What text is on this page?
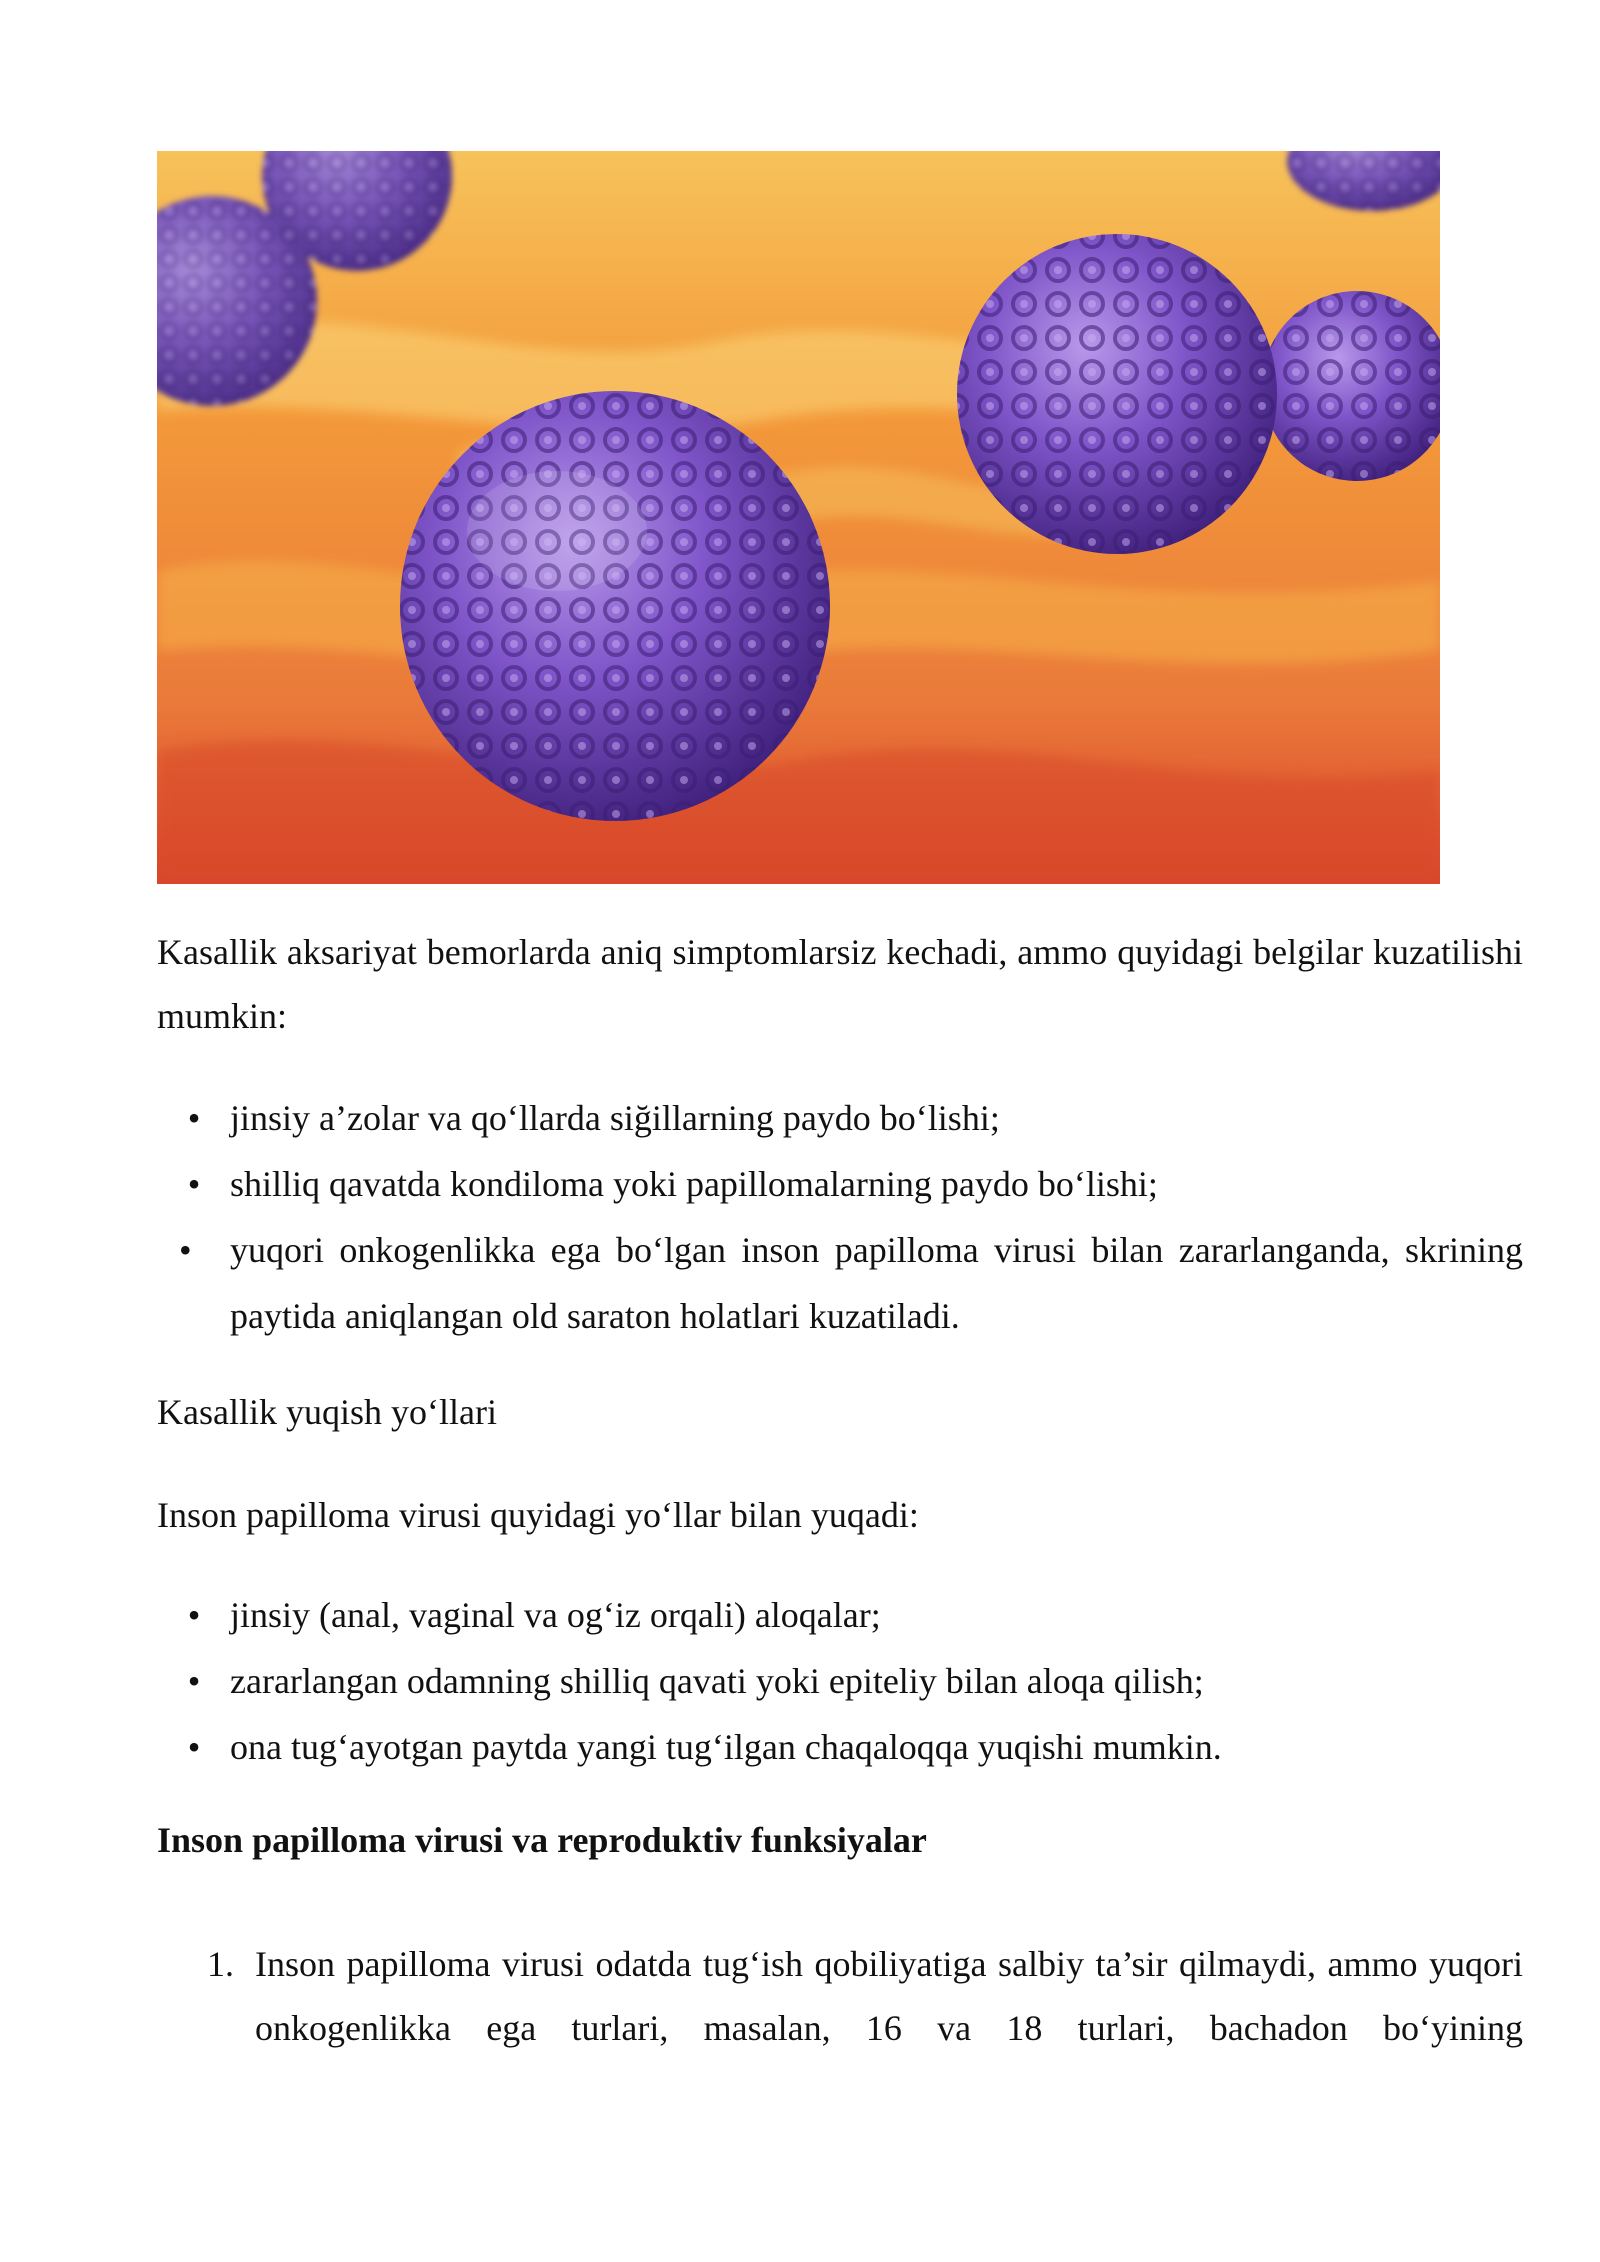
Kasallik aksariyat bemorlarda aniq simptomlarsiz kechadi, ammo quyidagi belgilar kuzatilishi mumkin:

• jinsiy a’zolar va qo‘llarda siğillarning paydo bo‘lishi;
• shilliq qavatda kondiloma yoki papillomalarning paydo bo‘lishi;
•	yuqori onkogenlikka ega bo‘lgan inson papilloma virusi bilan zararlanganda, skrining paytida aniqlangan old saraton holatlari kuzatiladi.

Kasallik yuqish yo‘llari

Inson papilloma virusi quyidagi yo‘llar bilan yuqadi:

• jinsiy (anal, vaginal va og‘iz orqali) aloqalar;
• zararlangan odamning shilliq qavati yoki epiteliy bilan aloqa qilish;
• ona tug‘ayotgan paytda yangi tug‘ilgan chaqaloqqa yuqishi mumkin.
Inson papilloma virusi va reproduktiv funksiyalar
1. Inson papilloma virusi odatda tug‘ish qobiliyatiga salbiy ta’sir qilmaydi, ammo yuqori onkogenlikka ega turlari, masalan, 16 va 18 turlari, bachadon bo‘yining
